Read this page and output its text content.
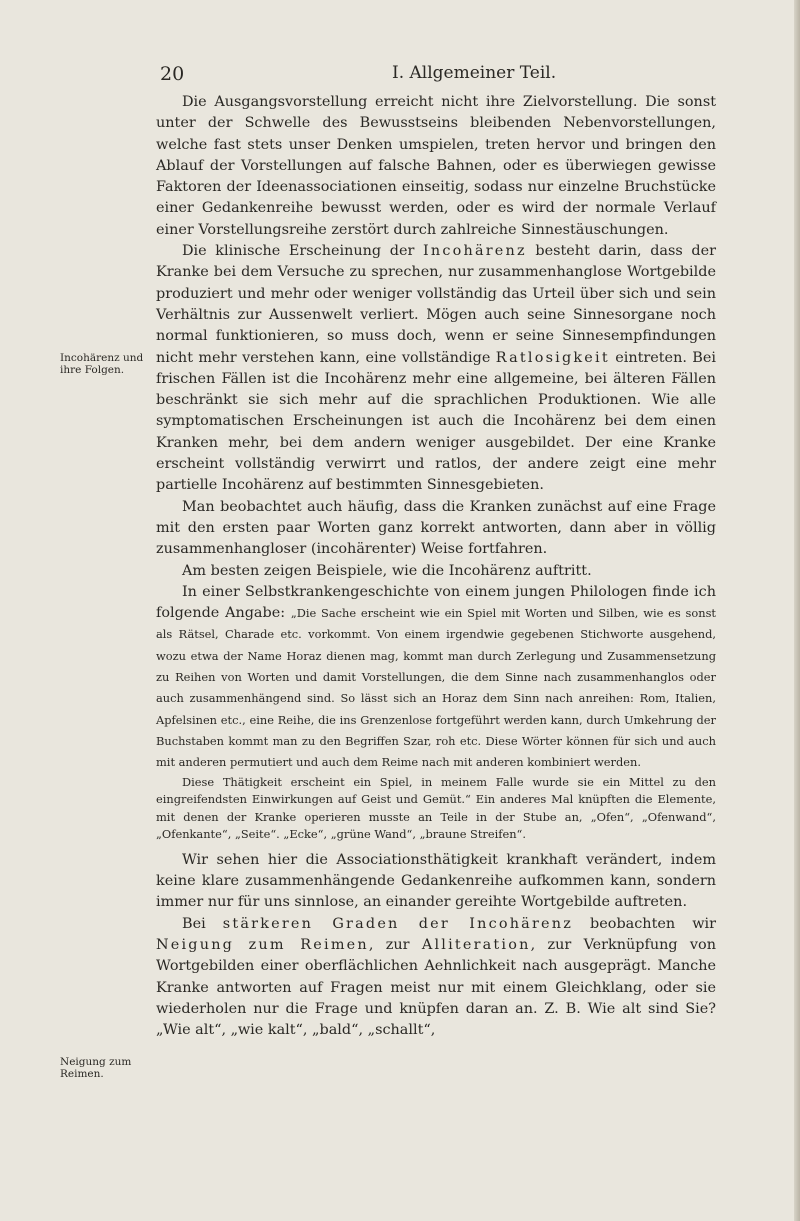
20	I. Allgemeiner Teil.
Incohärenz und ihre Folgen.
Neigung zum Reimen.

Die Ausgangsvorstellung erreicht nicht ihre Zielvorstellung. Die sonst unter der Schwelle des Bewusstseins bleibenden Nebenvorstellungen, welche fast stets unser Denken umspielen, treten hervor und bringen den Ablauf der Vorstellungen auf falsche Bahnen, oder es überwiegen gewisse Faktoren der Ideenassociationen einseitig, sodass nur einzelne Bruchstücke einer Gedankenreihe bewusst werden, oder es wird der normale Verlauf einer Vorstellungsreihe zerstört durch zahlreiche Sinnestäuschungen.

Die klinische Erscheinung der Incohärenz besteht darin, dass der Kranke bei dem Versuche zu sprechen, nur zusammenhanglose Wortgebilde produziert und mehr oder weniger vollständig das Urteil über sich und sein Verhältnis zur Aussenwelt verliert. Mögen auch seine Sinnesorgane noch normal funktionieren, so muss doch, wenn er seine Sinnesempfindungen nicht mehr verstehen kann, eine vollständige Ratlosigkeit eintreten. Bei frischen Fällen ist die Incohärenz mehr eine allgemeine, bei älteren Fällen beschränkt sie sich mehr auf die sprachlichen Produktionen. Wie alle symptomatischen Erscheinungen ist auch die Incohärenz bei dem einen Kranken mehr, bei dem andern weniger ausgebildet. Der eine Kranke erscheint vollständig verwirrt und ratlos, der andere zeigt eine mehr partielle Incohärenz auf bestimmten Sinnesgebieten.

Man beobachtet auch häufig, dass die Kranken zunächst auf eine Frage mit den ersten paar Worten ganz korrekt antworten, dann aber in völlig zusammenhangloser (incohärenter) Weise fortfahren.

Am besten zeigen Beispiele, wie die Incohärenz auftritt.

In einer Selbstkrankengeschichte von einem jungen Philologen finde ich folgende Angabe: „Die Sache erscheint wie ein Spiel mit Worten und Silben, wie es sonst als Rätsel, Charade etc. vorkommt. Von einem irgendwie gegebenen Stichworte ausgehend, wozu etwa der Name Horaz dienen mag, kommt man durch Zerlegung und Zusammensetzung zu Reihen von Worten und damit Vorstellungen, die dem Sinne nach zusammenhanglos oder auch zusammenhängend sind. So lässt sich an Horaz dem Sinn nach anreihen: Rom, Italien, Apfelsinen etc., eine Reihe, die ins Grenzenlose fortgeführt werden kann, durch Umkehrung der Buchstaben kommt man zu den Begriffen Szar, roh etc. Diese Wörter können für sich und auch mit anderen permutiert und auch dem Reime nach mit anderen kombiniert werden.

Diese Thätigkeit erscheint ein Spiel, in meinem Falle wurde sie ein Mittel zu den eingreifendsten Einwirkungen auf Geist und Gemüt.“ Ein anderes Mal knüpften die Elemente, mit denen der Kranke operieren musste an Teile in der Stube an, „Ofen“, „Ofenwand“, „Ofenkante“, „Seite“. „Ecke“, „grüne Wand“, „braune Streifen“.

Wir sehen hier die Associationsthätigkeit krankhaft verändert, indem keine klare zusammenhängende Gedankenreihe aufkommen kann, sondern immer nur für uns sinnlose, an einander gereihte Wortgebilde auftreten.

Bei stärkeren Graden der Incohärenz beobachten wir Neigung zum Reimen, zur Alliteration, zur Verknüpfung von Wortgebilden einer oberflächlichen Aehnlichkeit nach ausgeprägt. Manche Kranke antworten auf Fragen meist nur mit einem Gleichklang, oder sie wiederholen nur die Frage und knüpfen daran an. Z. B. Wie alt sind Sie? „Wie alt“, „wie kalt“, „bald“, „schallt“,
